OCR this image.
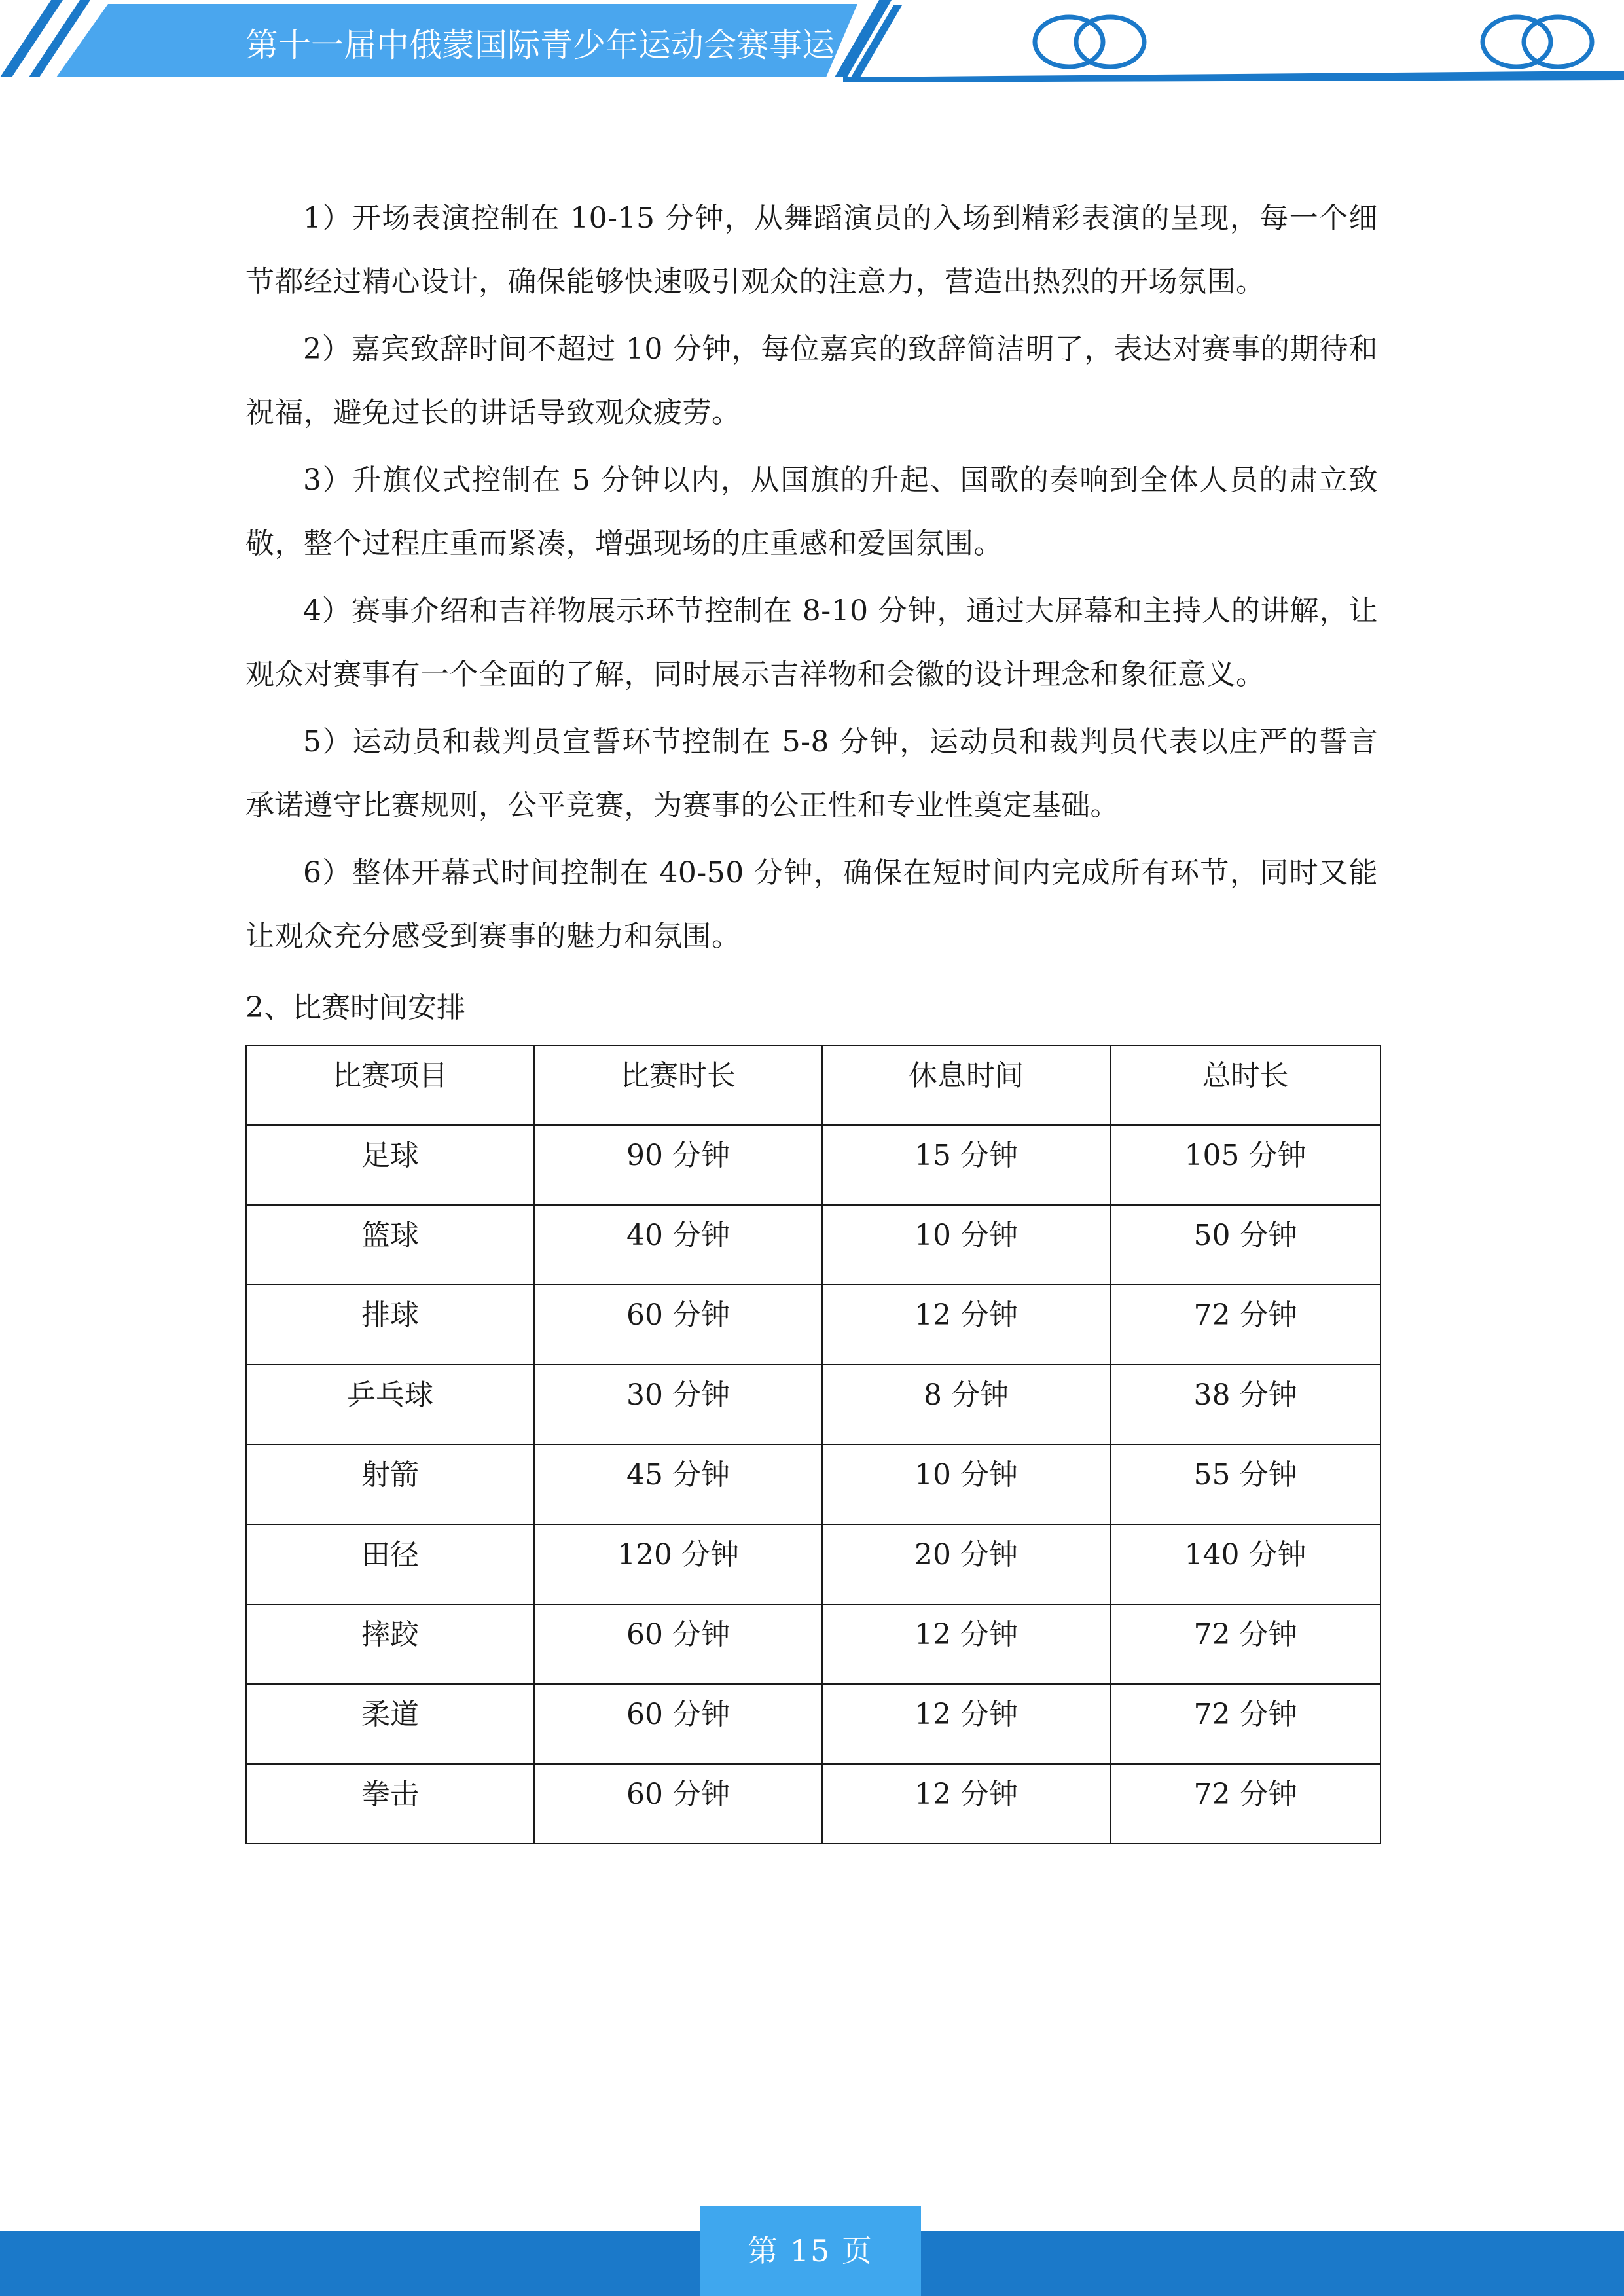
第十一届中俄蒙国际青少年运动会赛事运

1）开场表演控制在 10-15 分钟，从舞蹈演员的入场到精彩表演的呈现，每一个细节都经过精心设计，确保能够快速吸引观众的注意力，营造出热烈的开场氛围。

2）嘉宾致辞时间不超过 10 分钟，每位嘉宾的致辞简洁明了，表达对赛事的期待和祝福，避免过长的讲话导致观众疲劳。

3）升旗仪式控制在 5 分钟以内，从国旗的升起、国歌的奏响到全体人员的肃立致敬，整个过程庄重而紧凑，增强现场的庄重感和爱国氛围。

4）赛事介绍和吉祥物展示环节控制在 8-10 分钟，通过大屏幕和主持人的讲解，让观众对赛事有一个全面的了解，同时展示吉祥物和会徽的设计理念和象征意义。

5）运动员和裁判员宣誓环节控制在 5-8 分钟，运动员和裁判员代表以庄严的誓言承诺遵守比赛规则，公平竞赛，为赛事的公正性和专业性奠定基础。

6）整体开幕式时间控制在 40-50 分钟，确保在短时间内完成所有环节，同时又能让观众充分感受到赛事的魅力和氛围。

2、比赛时间安排
比赛项目	比赛时长	休息时间	总时长
足球	90 分钟	15 分钟	105 分钟
篮球	40 分钟	10 分钟	50 分钟
排球	60 分钟	12 分钟	72 分钟
乒乓球	30 分钟	8 分钟	38 分钟
射箭	45 分钟	10 分钟	55 分钟
田径	120 分钟	20 分钟	140 分钟
摔跤	60 分钟	12 分钟	72 分钟
柔道	60 分钟	12 分钟	72 分钟
拳击	60 分钟	12 分钟	72 分钟
第 15 页
